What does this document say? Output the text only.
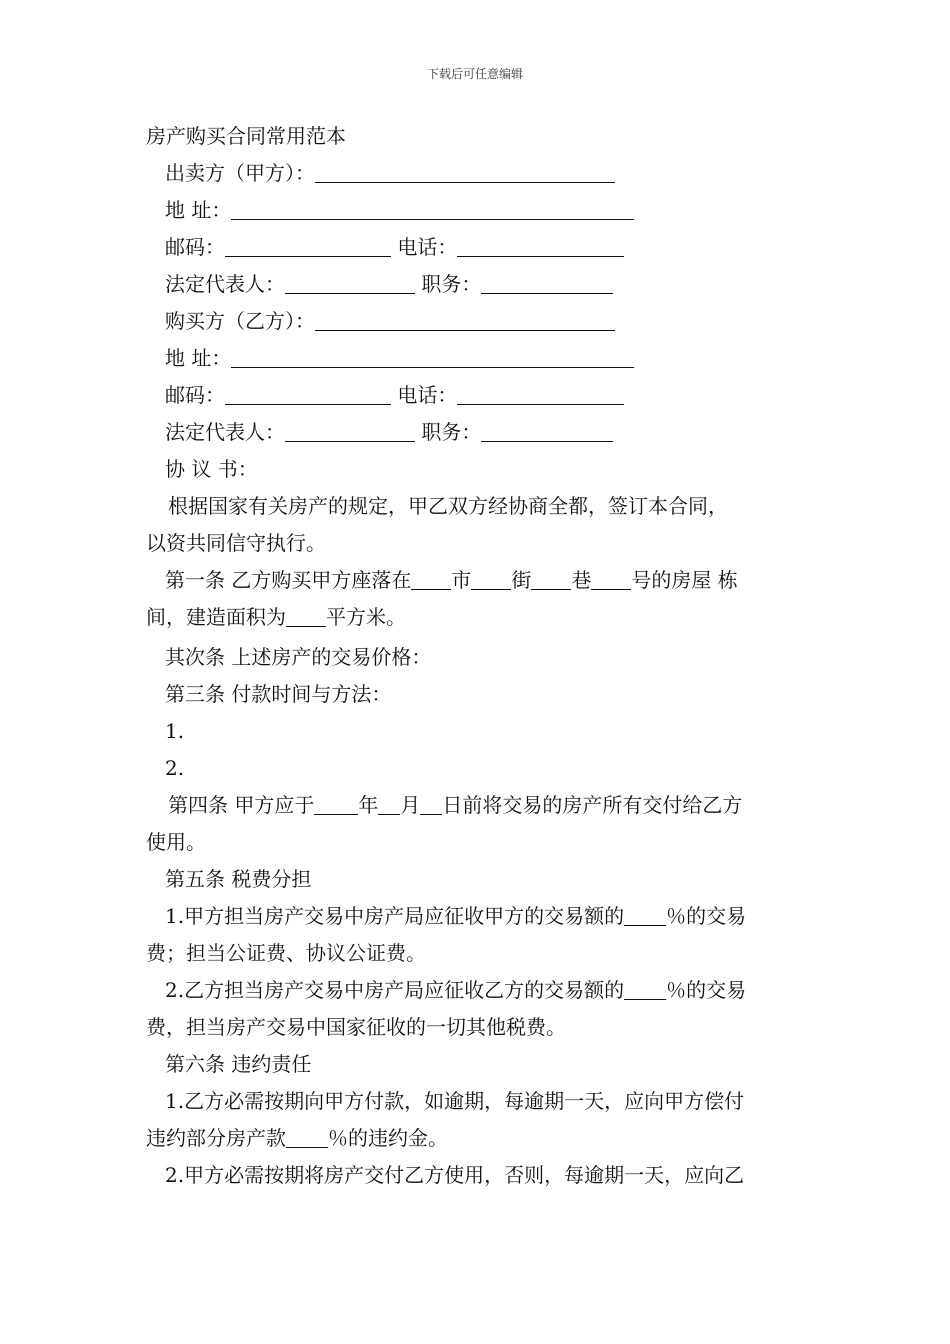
下载后可任意编辑
房产购买合同常用范本
出卖方（甲方）：
地 址：
邮码：	电话：
法定代表人：	职务：
购买方（乙方）：
地 址：
邮码：	电话：
法定代表人：	职务：
协 议 书：
根据国家有关房产的规定，甲乙双方经协商全都，签订本合同，
以资共同信守执行。
第一条 乙方购买甲方座落在 市 街 巷 号的房屋 栋
间，建造面积为 平方米。
其次条 上述房产的交易价格：
第三条 付款时间与方法：
1.
2.
第四条 甲方应于 年 月 日前将交易的房产所有交付给乙方
使用。
第五条 税费分担
1.甲方担当房产交易中房产局应征收甲方的交易额的 ％的交易
费；担当公证费、协议公证费。
2.乙方担当房产交易中房产局应征收乙方的交易额的 ％的交易
费，担当房产交易中国家征收的一切其他税费。
第六条 违约责任
1.乙方必需按期向甲方付款，如逾期，每逾期一天，应向甲方偿付
违约部分房产款 ％的违约金。
2.甲方必需按期将房产交付乙方使用，否则，每逾期一天，应向乙
